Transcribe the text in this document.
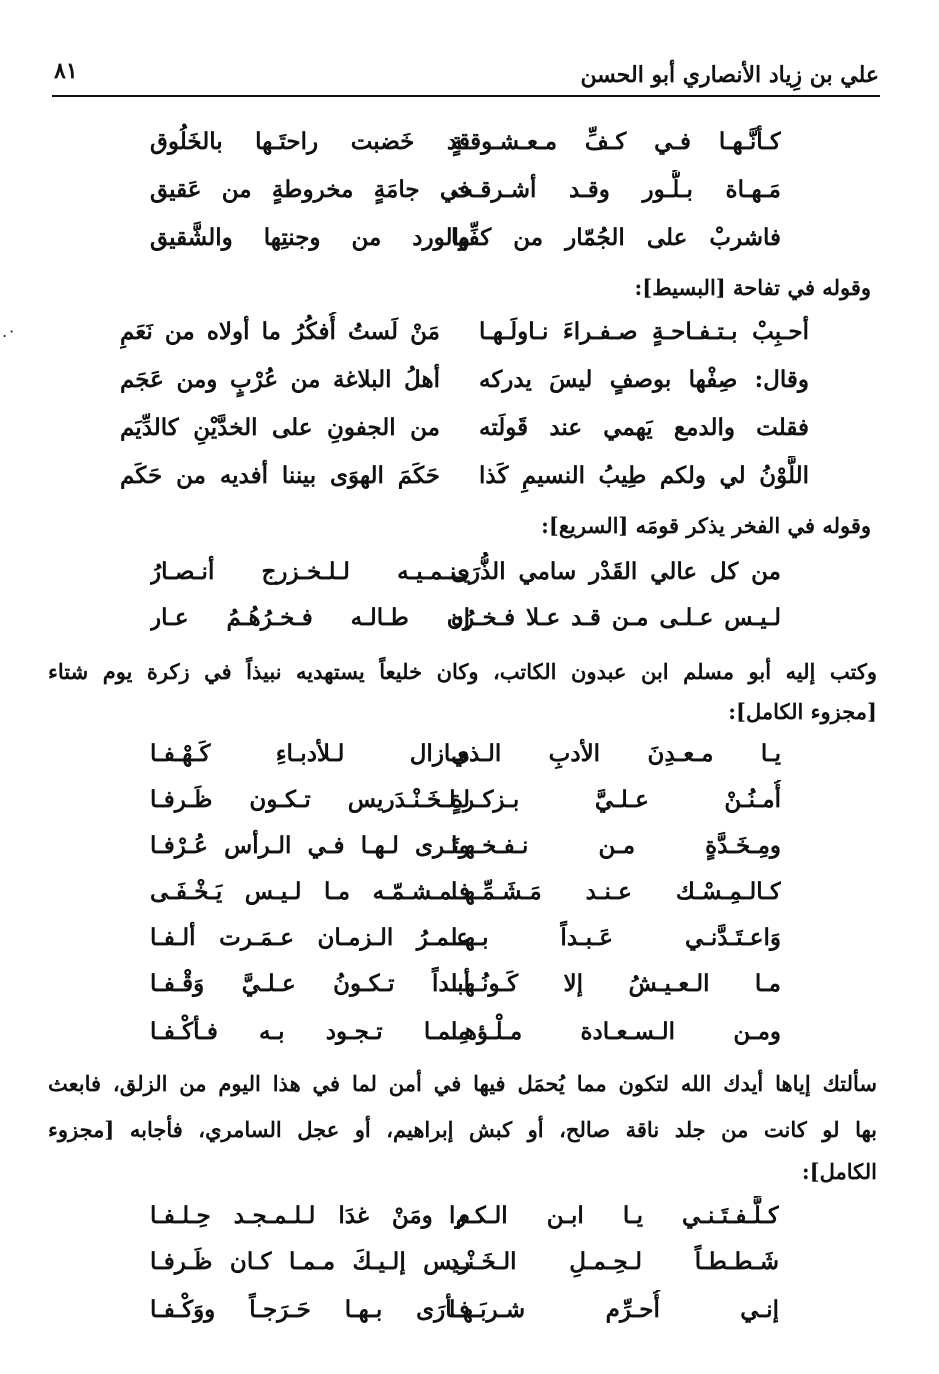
علي بن زِياد الأنصاري أبو الحسن
٨١
.·
كـأنَّـهـا فـي كـفِّ مـعـشـوقـةٍ
قد خَضبت راحتَـها بالخَلُوق
مَـهـاة بـلُّـور وقـد أشـرقـت
في جامَةٍ مخروطةٍ من عَقيق
فاشربْ على الجُمّار من كفِّها
والورد من وجنتِها والشَّقيق
وقوله في تفاحة [البسيط]:
أحـبِبْ بـتـفـاحـةٍ صـفـراءَ نـاولَـهـا
مَنْ لَستُ أُفكُرُ ما أولاه من نَعَمِ
وقال: صِفْها بوصفٍ ليسَ يدركه
أهلُ البلاغة من عُرْبٍ ومن عَجَم
فقلت والدمع يَهمي عند قَولَته
من الجفونِ على الخدَّيْنِ كالدِّيَم
اللَّوْنُ لي ولكم طِيبُ النسيمِ كَذا
حَكَمَ الهوَى بيننا أفديه من حَكَم
وقوله في الفخر يذكر قومَه [السريع]:
من كل عالي القَدْر سامي الذُّرَى
يـنـمـيـه لـلـخـزرج أنـصـارُ
لـيـس عـلـى مـن قـد عـلا فـخـرُه
إن طـالـه فـخـرُهُـمُ عـار
وكتب إليه أبو مسلم ابن عبدون الكاتب، وكان خليعاً يستهديه نبيذاً في زكرة يوم شتاء
[مجزوء الكامل]:
يـا مـعـدِنَ الأدبِ الـذي
مـازال لـلأدبـاءِ كَـهْـفـا
أُمـنُـنْ عـلـيَّ بـزكـرةٍ
لـلـخَـنْـدَريس تـكـون ظَـرفـا
ومِـخَـدَّةٍ مـن نـفـخـهـا
وتَـرى لـهـا فـي الـرأس عُـرْفـا
كـالـمِـسْـك عـنـد مَـشَـمِّـهـا
فـمـشـمّـه مـا لـيـس يَـخْـفَـى
وَاعـتَـدَّنـي عَـبـداً بـهـا
عـمـرُ الـزمـان عـمَـرت ألـفـا
مـا الـعـيـشُ إلا كَـونُـهـا
أبـداً تـكـونُ عـلـيَّ وَقْـفـا
ومـن الـسـعـادة مـلْـؤهـا
مِـمـا تـجـود بـه فـأكْـفـا
سألتك إياها أيدك الله لتكون مما يُحمَل فيها في أمن لما في هذا اليوم من الزلق، فابعث
بها لو كانت من جلد ناقة صالح، أو كبش إبراهيم، أو عجل السامري، فأجابه [مجزوء
الكامل]:
كـلَّـفـتَـنـي يـا ابـن الـكـرا
م ومَنْ غدَا لـلـمـجـد حِـلـفـا
شَـطـطـاً لـحِـمـلِ الـخَـنْـد
ريس إلـيـكَ مـمـا كـان ظَـرفـا
إنـي أُحـرِّم شـربَـهـا
فـأرَى بـهـا حَـرَجـاً ووَكْـفـا
